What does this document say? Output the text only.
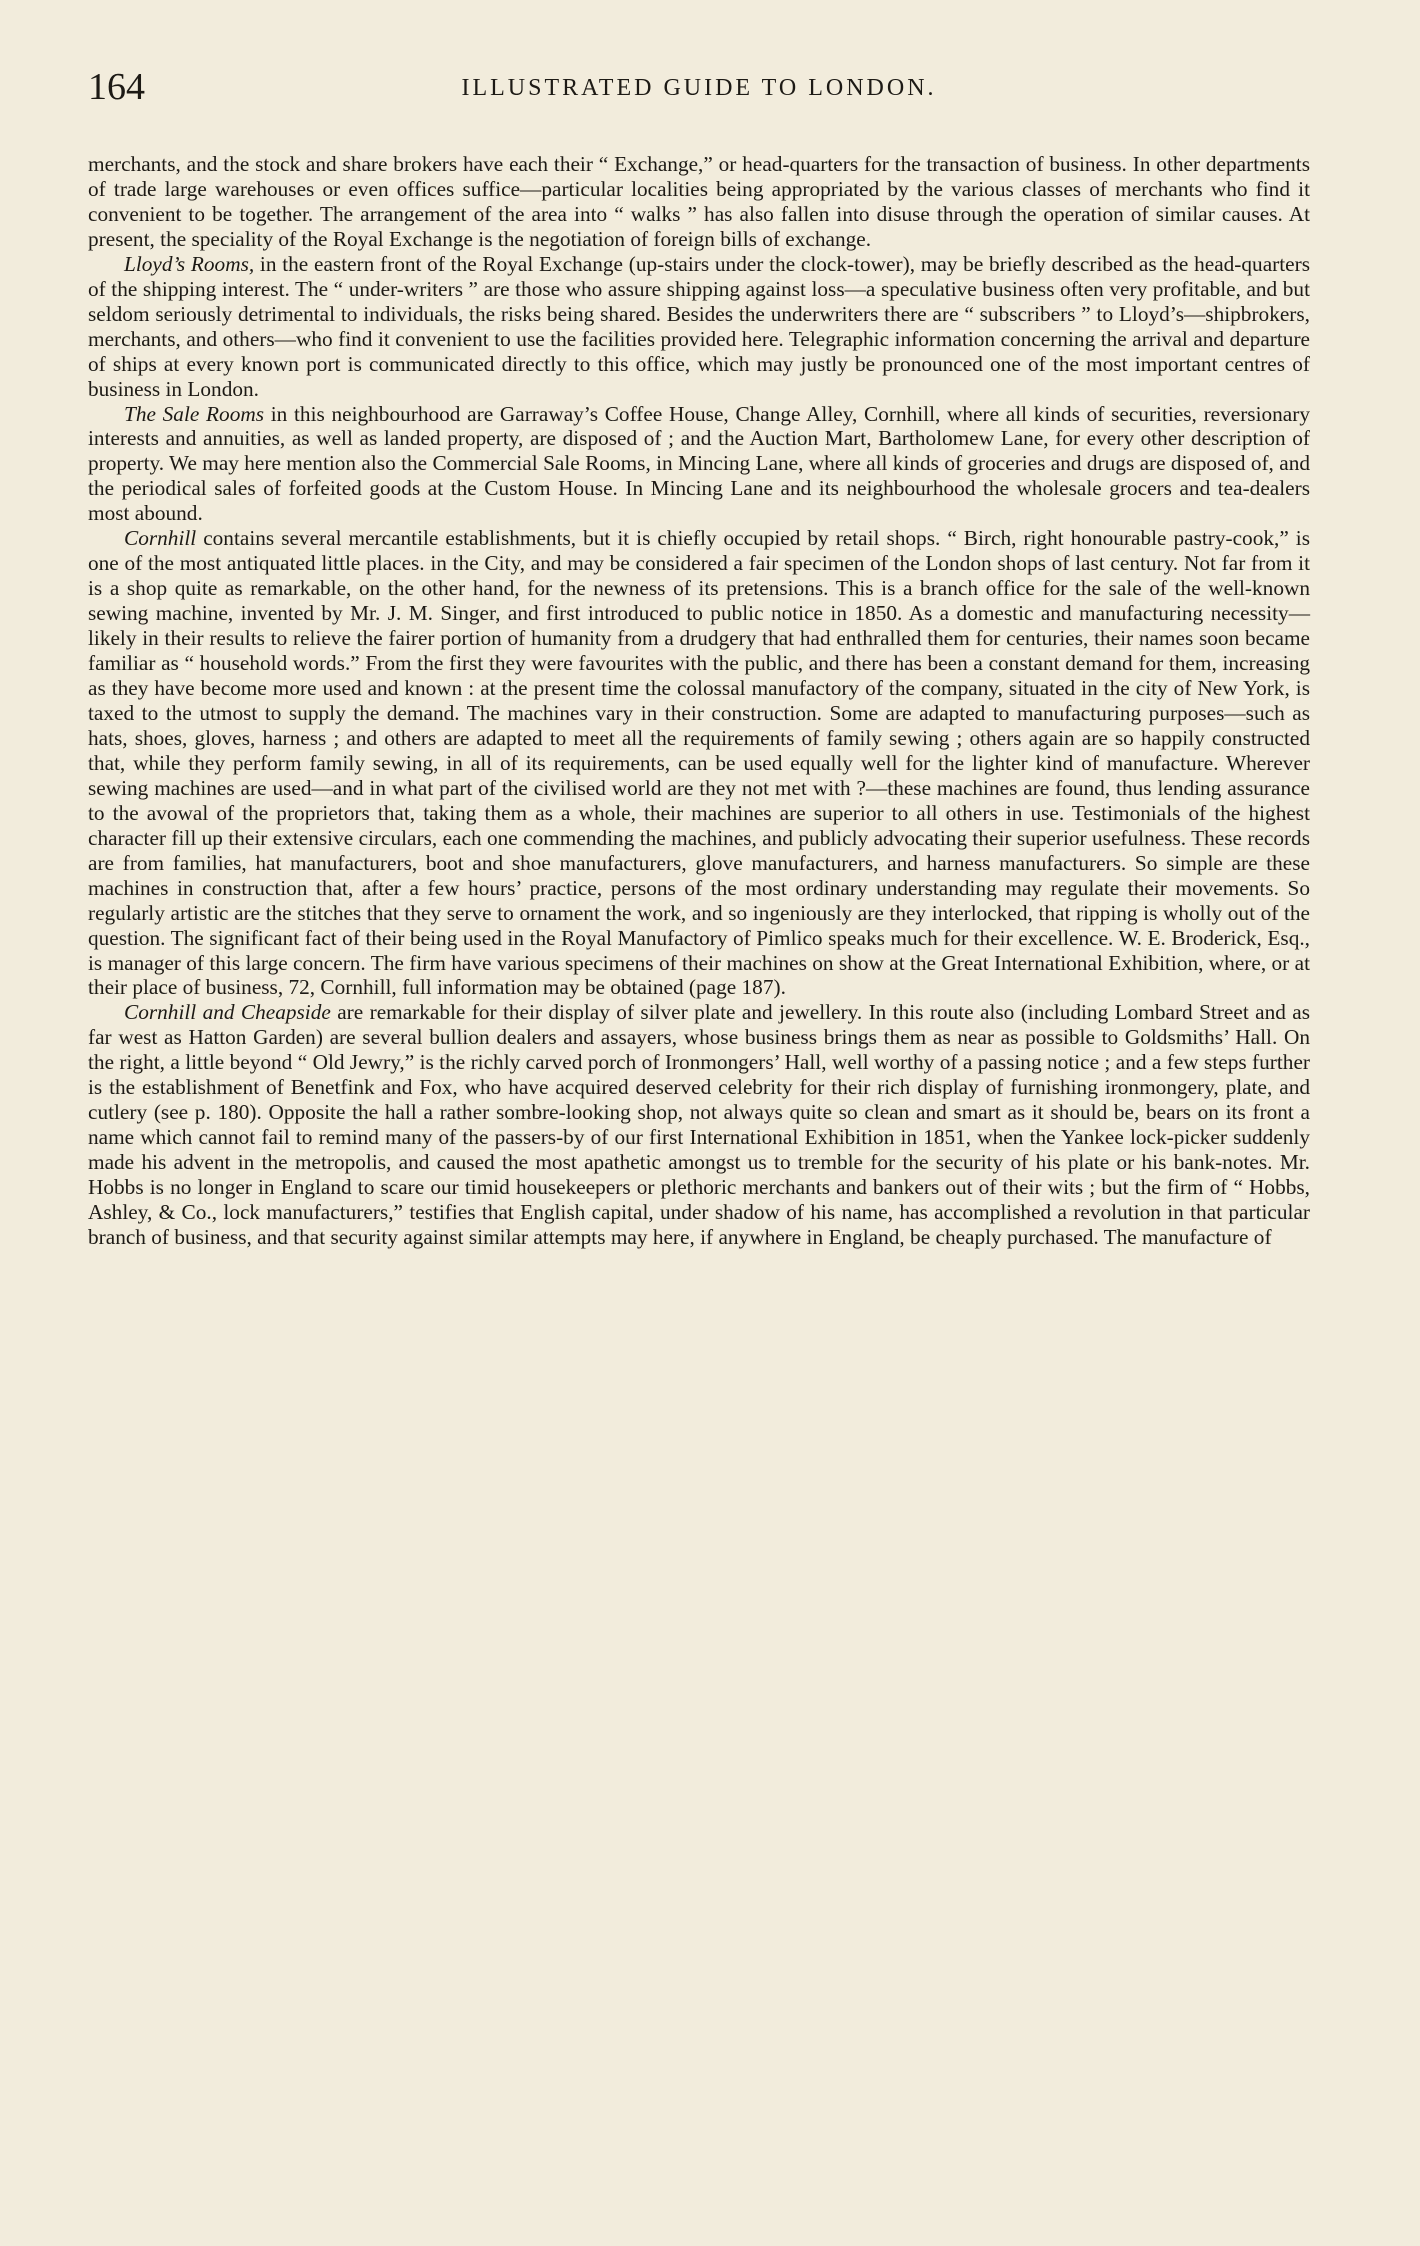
164	ILLUSTRATED GUIDE TO LONDON.

merchants, and the stock and share brokers have each their “ Exchange,” or head-quarters for the transaction of business. In other departments of trade large warehouses or even offices suffice—particular localities being appropriated by the various classes of merchants who find it convenient to be together. The arrangement of the area into “ walks ” has also fallen into disuse through the operation of similar causes. At present, the speciality of the Royal Exchange is the negotiation of foreign bills of exchange.

Lloyd’s Rooms, in the eastern front of the Royal Exchange (up-stairs under the clock-tower), may be briefly described as the head-quarters of the shipping interest. The “ under-writers ” are those who assure shipping against loss—a speculative business often very profitable, and but seldom seriously detrimental to individuals, the risks being shared. Besides the underwriters there are “ subscribers ” to Lloyd’s—shipbrokers, merchants, and others—who find it convenient to use the facilities provided here. Telegraphic information concerning the arrival and departure of ships at every known port is communicated directly to this office, which may justly be pronounced one of the most important centres of business in London.

The Sale Rooms in this neighbourhood are Garraway’s Coffee House, Change Alley, Cornhill, where all kinds of securities, reversionary interests and annuities, as well as landed property, are disposed of ; and the Auction Mart, Bartholomew Lane, for every other description of property. We may here mention also the Commercial Sale Rooms, in Mincing Lane, where all kinds of groceries and drugs are disposed of, and the periodical sales of forfeited goods at the Custom House. In Mincing Lane and its neighbourhood the wholesale grocers and tea-dealers most abound.

Cornhill contains several mercantile establishments, but it is chiefly occupied by retail shops. “ Birch, right honourable pastry-cook,” is one of the most antiquated little places. in the City, and may be considered a fair specimen of the London shops of last century. Not far from it is a shop quite as remarkable, on the other hand, for the newness of its pretensions. This is a branch office for the sale of the well-known sewing machine, invented by Mr. J. M. Singer, and first introduced to public notice in 1850. As a domestic and manufacturing necessity—likely in their results to relieve the fairer portion of humanity from a drudgery that had enthralled them for centuries, their names soon became familiar as “ household words.” From the first they were favourites with the public, and there has been a constant demand for them, increasing as they have become more used and known : at the present time the colossal manufactory of the company, situated in the city of New York, is taxed to the utmost to supply the demand. The machines vary in their construction. Some are adapted to manufacturing purposes—such as hats, shoes, gloves, harness ; and others are adapted to meet all the requirements of family sewing ; others again are so happily constructed that, while they perform family sewing, in all of its requirements, can be used equally well for the lighter kind of manufacture. Wherever sewing machines are used—and in what part of the civilised world are they not met with ?—these machines are found, thus lending assurance to the avowal of the proprietors that, taking them as a whole, their machines are superior to all others in use. Testimonials of the highest character fill up their extensive circulars, each one commending the machines, and publicly advocating their superior usefulness. These records are from families, hat manufacturers, boot and shoe manufacturers, glove manufacturers, and harness manufacturers. So simple are these machines in construction that, after a few hours’ practice, persons of the most ordinary understanding may regulate their movements. So regularly artistic are the stitches that they serve to ornament the work, and so ingeniously are they interlocked, that ripping is wholly out of the question. The significant fact of their being used in the Royal Manufactory of Pimlico speaks much for their excellence. W. E. Broderick, Esq., is manager of this large concern. The firm have various specimens of their machines on show at the Great International Exhibition, where, or at their place of business, 72, Cornhill, full information may be obtained (page 187).

Cornhill and Cheapside are remarkable for their display of silver plate and jewellery. In this route also (including Lombard Street and as far west as Hatton Garden) are several bullion dealers and assayers, whose business brings them as near as possible to Goldsmiths’ Hall. On the right, a little beyond “ Old Jewry,” is the richly carved porch of Ironmongers’ Hall, well worthy of a passing notice ; and a few steps further is the establishment of Benetfink and Fox, who have acquired deserved celebrity for their rich display of furnishing ironmongery, plate, and cutlery (see p. 180). Opposite the hall a rather sombre-looking shop, not always quite so clean and smart as it should be, bears on its front a name which cannot fail to remind many of the passers-by of our first International Exhibition in 1851, when the Yankee lock-picker suddenly made his advent in the metropolis, and caused the most apathetic amongst us to tremble for the security of his plate or his bank-notes. Mr. Hobbs is no longer in England to scare our timid housekeepers or plethoric merchants and bankers out of their wits ; but the firm of “ Hobbs, Ashley, & Co., lock manufacturers,” testifies that English capital, under shadow of his name, has accomplished a revolution in that particular branch of business, and that security against similar attempts may here, if anywhere in England, be cheaply purchased. The manufacture of
